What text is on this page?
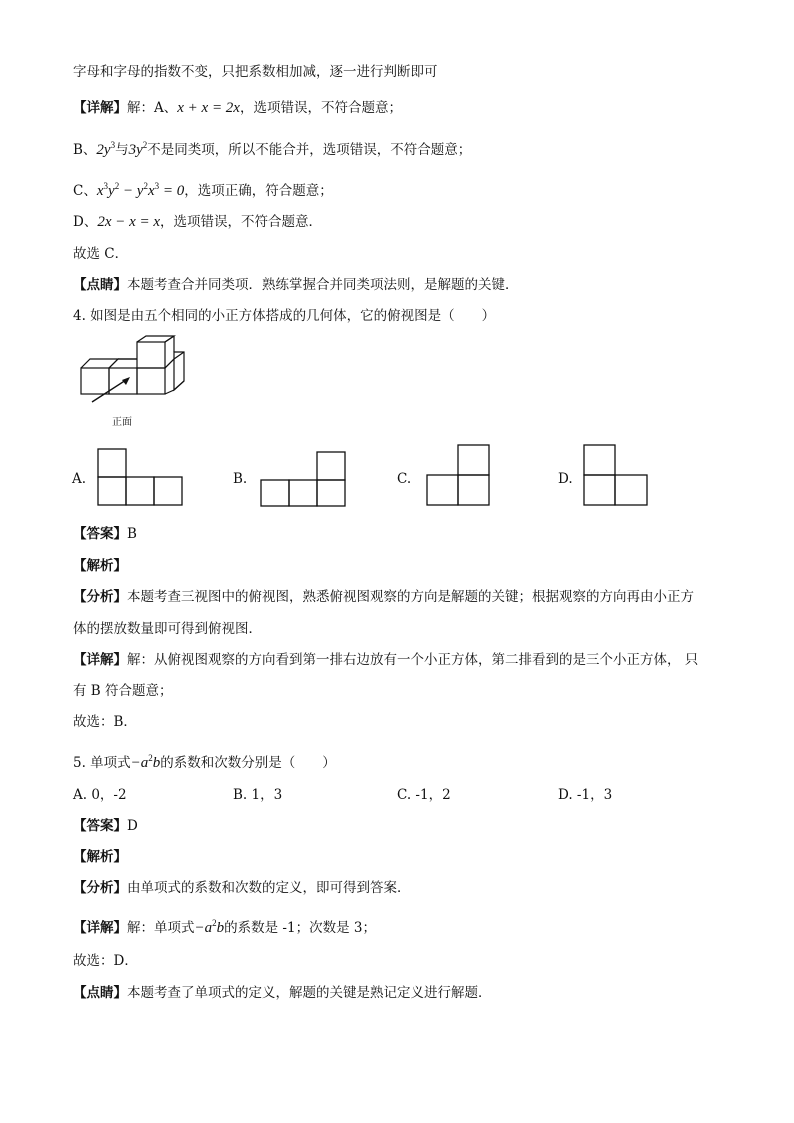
字母和字母的指数不变，只把系数相加减，逐一进行判断即可
【详解】解：A、x + x = 2x，选项错误，不符合题意；
B、$2y^3$与$3y^2$不是同类项，所以不能合并，选项错误，不符合题意；
C、$x^3y^2 - y^2x^3 = 0$，选项正确，符合题意；
D、2x − x = x，选项错误，不符合题意．
故选 C．
【点睛】本题考查合并同类项．熟练掌握合并同类项法则，是解题的关键．
4. 如图是由五个相同的小正方体搭成的几何体，它的俯视图是（　　）
正面
A.	B.	C.	D.
【答案】B
【解析】
【分析】本题考查三视图中的俯视图，熟悉俯视图观察的方向是解题的关键；根据观察的方向再由小正方
体的摆放数量即可得到俯视图．
【详解】解：从俯视图观察的方向看到第一排右边放有一个小正方体，第二排看到的是三个小正方体， 只
有 B 符合题意；
故选：B．
5. 单项式$-a^2b$的系数和次数分别是（　　）
A. 0，-2	B. 1，3	C. -1，2	D. -1，3
【答案】D
【解析】
【分析】由单项式的系数和次数的定义，即可得到答案．
【详解】解：单项式$-a^2b$的系数是 -1；次数是 3；
故选：D．
【点睛】本题考查了单项式的定义，解题的关键是熟记定义进行解题．
